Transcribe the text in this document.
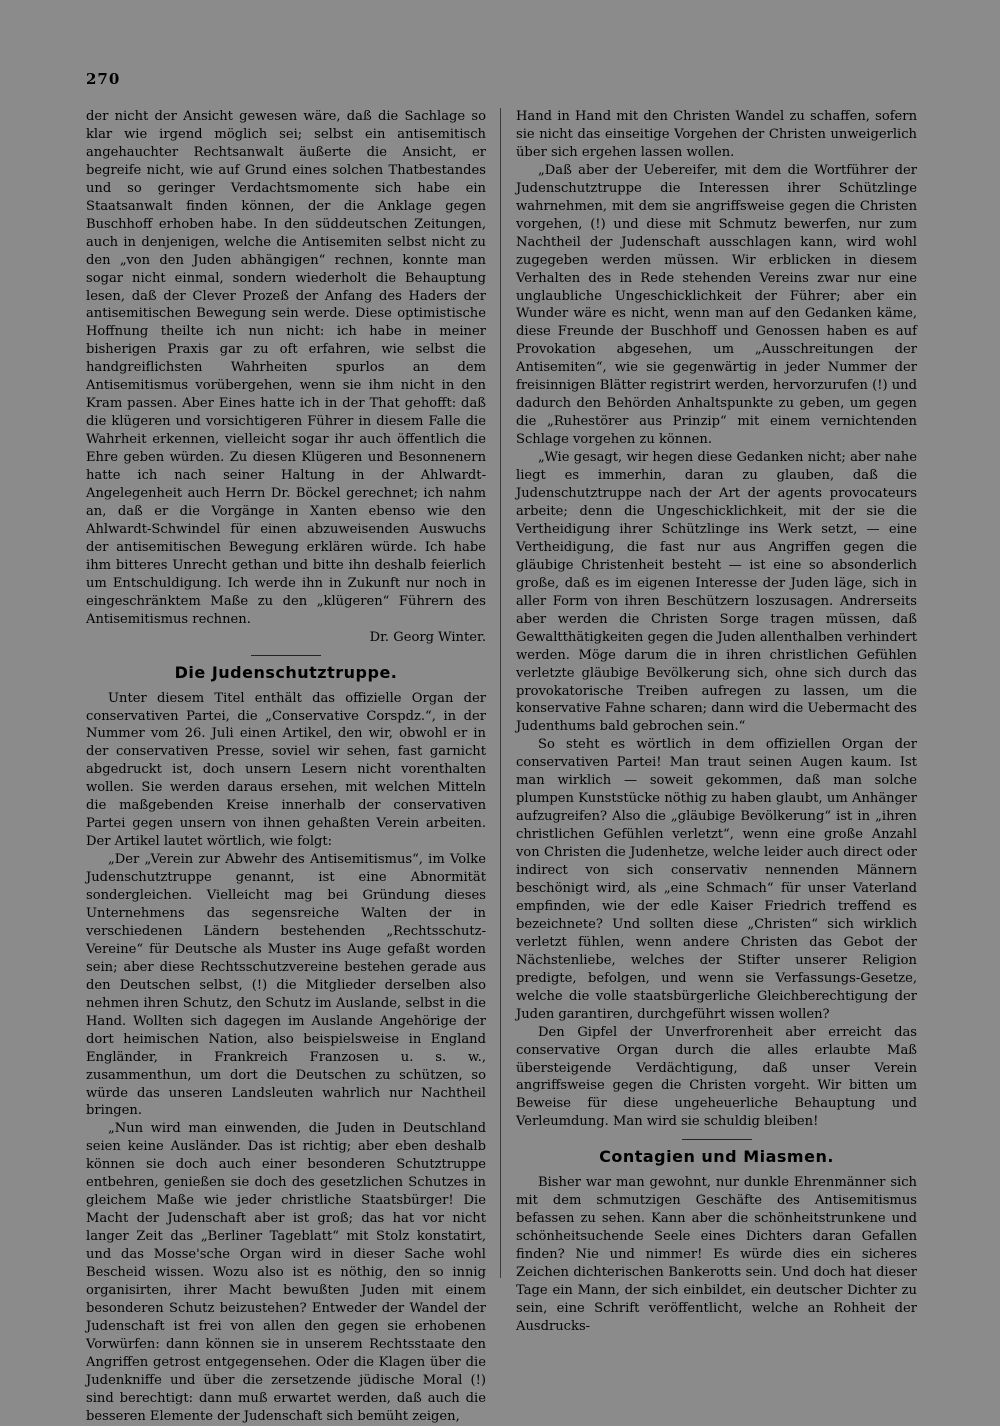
270

der nicht der Ansicht gewesen wäre, daß die Sachlage so klar wie irgend möglich sei; selbst ein antisemitisch angehauchter Rechtsanwalt äußerte die Ansicht, er begreife nicht, wie auf Grund eines solchen Thatbestandes und so geringer Verdachtsmomente sich habe ein Staatsanwalt finden können, der die Anklage gegen Buschhoff erhoben habe. In den süddeutschen Zeitungen, auch in denjenigen, welche die Antisemiten selbst nicht zu den „von den Juden abhängigen“ rechnen, konnte man sogar nicht einmal, sondern wiederholt die Behauptung lesen, daß der Clever Prozeß der Anfang des Haders der antisemitischen Bewegung sein werde. Diese optimistische Hoffnung theilte ich nun nicht: ich habe in meiner bisherigen Praxis gar zu oft erfahren, wie selbst die handgreiflichsten Wahrheiten spurlos an dem Antisemitismus vorübergehen, wenn sie ihm nicht in den Kram passen. Aber Eines hatte ich in der That gehofft: daß die klügeren und vorsichtigeren Führer in diesem Falle die Wahrheit erkennen, vielleicht sogar ihr auch öffentlich die Ehre geben würden. Zu diesen Klügeren und Besonnenern hatte ich nach seiner Haltung in der Ahlwardt-Angelegenheit auch Herrn Dr. Böckel gerechnet; ich nahm an, daß er die Vorgänge in Xanten ebenso wie den Ahlwardt-Schwindel für einen abzuweisenden Auswuchs der antisemitischen Bewegung erklären würde. Ich habe ihm bitteres Unrecht gethan und bitte ihn deshalb feierlich um Entschuldigung. Ich werde ihn in Zukunft nur noch in eingeschränktem Maße zu den „klügeren“ Führern des Antisemitismus rechnen.

Dr. Georg Winter.

Die Judenschutztruppe.

Unter diesem Titel enthält das offizielle Organ der conservativen Partei, die „Conservative Corspdz.“, in der Nummer vom 26. Juli einen Artikel, den wir, obwohl er in der conservativen Presse, soviel wir sehen, fast garnicht abgedruckt ist, doch unsern Lesern nicht vorenthalten wollen. Sie werden daraus ersehen, mit welchen Mitteln die maßgebenden Kreise innerhalb der conservativen Partei gegen unsern von ihnen gehaßten Verein arbeiten. Der Artikel lautet wörtlich, wie folgt:

„Der „Verein zur Abwehr des Antisemitismus“, im Volke Judenschutztruppe genannt, ist eine Abnormität sondergleichen. Vielleicht mag bei Gründung dieses Unternehmens das segensreiche Walten der in verschiedenen Ländern bestehenden „Rechtsschutz-Vereine“ für Deutsche als Muster ins Auge gefaßt worden sein; aber diese Rechtsschutzvereine bestehen gerade aus den Deutschen selbst, (!) die Mitglieder derselben also nehmen ihren Schutz, den Schutz im Auslande, selbst in die Hand. Wollten sich dagegen im Auslande Angehörige der dort heimischen Nation, also beispielsweise in England Engländer, in Frankreich Franzosen u. s. w., zusammenthun, um dort die Deutschen zu schützen, so würde das unseren Landsleuten wahrlich nur Nachtheil bringen.

„Nun wird man einwenden, die Juden in Deutschland seien keine Ausländer. Das ist richtig; aber eben deshalb können sie doch auch einer besonderen Schutztruppe entbehren, genießen sie doch des gesetzlichen Schutzes in gleichem Maße wie jeder christliche Staatsbürger! Die Macht der Judenschaft aber ist groß; das hat vor nicht langer Zeit das „Berliner Tageblatt“ mit Stolz konstatirt, und das Mosse'sche Organ wird in dieser Sache wohl Bescheid wissen. Wozu also ist es nöthig, den so innig organisirten, ihrer Macht bewußten Juden mit einem besonderen Schutz beizustehen? Entweder der Wandel der Judenschaft ist frei von allen den gegen sie erhobenen Vorwürfen: dann können sie in unserem Rechtsstaate den Angriffen getrost entgegensehen. Oder die Klagen über die Judenkniffe und über die zersetzende jüdische Moral (!) sind berechtigt: dann muß erwartet werden, daß auch die besseren Elemente der Judenschaft sich bemüht zeigen,

Hand in Hand mit den Christen Wandel zu schaffen, sofern sie nicht das einseitige Vorgehen der Christen unweigerlich über sich ergehen lassen wollen.

„Daß aber der Uebereifer, mit dem die Wortführer der Judenschutztruppe die Interessen ihrer Schützlinge wahrnehmen, mit dem sie angriffsweise gegen die Christen vorgehen, (!) und diese mit Schmutz bewerfen, nur zum Nachtheil der Judenschaft ausschlagen kann, wird wohl zugegeben werden müssen. Wir erblicken in diesem Verhalten des in Rede stehenden Vereins zwar nur eine unglaubliche Ungeschicklichkeit der Führer; aber ein Wunder wäre es nicht, wenn man auf den Gedanken käme, diese Freunde der Buschhoff und Genossen haben es auf Provokation abgesehen, um „Ausschreitungen der Antisemiten“, wie sie gegenwärtig in jeder Nummer der freisinnigen Blätter registrirt werden, hervorzurufen (!) und dadurch den Behörden Anhaltspunkte zu geben, um gegen die „Ruhestörer aus Prinzip“ mit einem vernichtenden Schlage vorgehen zu können.

„Wie gesagt, wir hegen diese Gedanken nicht; aber nahe liegt es immerhin, daran zu glauben, daß die Judenschutztruppe nach der Art der agents provocateurs arbeite; denn die Ungeschicklichkeit, mit der sie die Vertheidigung ihrer Schützlinge ins Werk setzt, — eine Vertheidigung, die fast nur aus Angriffen gegen die gläubige Christenheit besteht — ist eine so absonderlich große, daß es im eigenen Interesse der Juden läge, sich in aller Form von ihren Beschützern loszusagen. Andrerseits aber werden die Christen Sorge tragen müssen, daß Gewaltthätigkeiten gegen die Juden allenthalben verhindert werden. Möge darum die in ihren christlichen Gefühlen verletzte gläubige Bevölkerung sich, ohne sich durch das provokatorische Treiben aufregen zu lassen, um die konservative Fahne scharen; dann wird die Uebermacht des Judenthums bald gebrochen sein.“

So steht es wörtlich in dem offiziellen Organ der conservativen Partei! Man traut seinen Augen kaum. Ist man wirklich — soweit gekommen, daß man solche plumpen Kunststücke nöthig zu haben glaubt, um Anhänger aufzugreifen? Also die „gläubige Bevölkerung“ ist in „ihren christlichen Gefühlen verletzt“, wenn eine große Anzahl von Christen die Judenhetze, welche leider auch direct oder indirect von sich conservativ nennenden Männern beschönigt wird, als „eine Schmach“ für unser Vaterland empfinden, wie der edle Kaiser Friedrich treffend es bezeichnete? Und sollten diese „Christen“ sich wirklich verletzt fühlen, wenn andere Christen das Gebot der Nächstenliebe, welches der Stifter unserer Religion predigte, befolgen, und wenn sie Verfassungs-Gesetze, welche die volle staatsbürgerliche Gleichberechtigung der Juden garantiren, durchgeführt wissen wollen?

Den Gipfel der Unverfrorenheit aber erreicht das conservative Organ durch die alles erlaubte Maß übersteigende Verdächtigung, daß unser Verein angriffsweise gegen die Christen vorgeht. Wir bitten um Beweise für diese ungeheuerliche Behauptung und Verleumdung. Man wird sie schuldig bleiben!

Contagien und Miasmen.

Bisher war man gewohnt, nur dunkle Ehrenmänner sich mit dem schmutzigen Geschäfte des Antisemitismus befassen zu sehen. Kann aber die schönheitstrunkene und schönheitsuchende Seele eines Dichters daran Gefallen finden? Nie und nimmer! Es würde dies ein sicheres Zeichen dichterischen Bankerotts sein. Und doch hat dieser Tage ein Mann, der sich einbildet, ein deutscher Dichter zu sein, eine Schrift veröffentlicht, welche an Rohheit der Ausdrucks-
